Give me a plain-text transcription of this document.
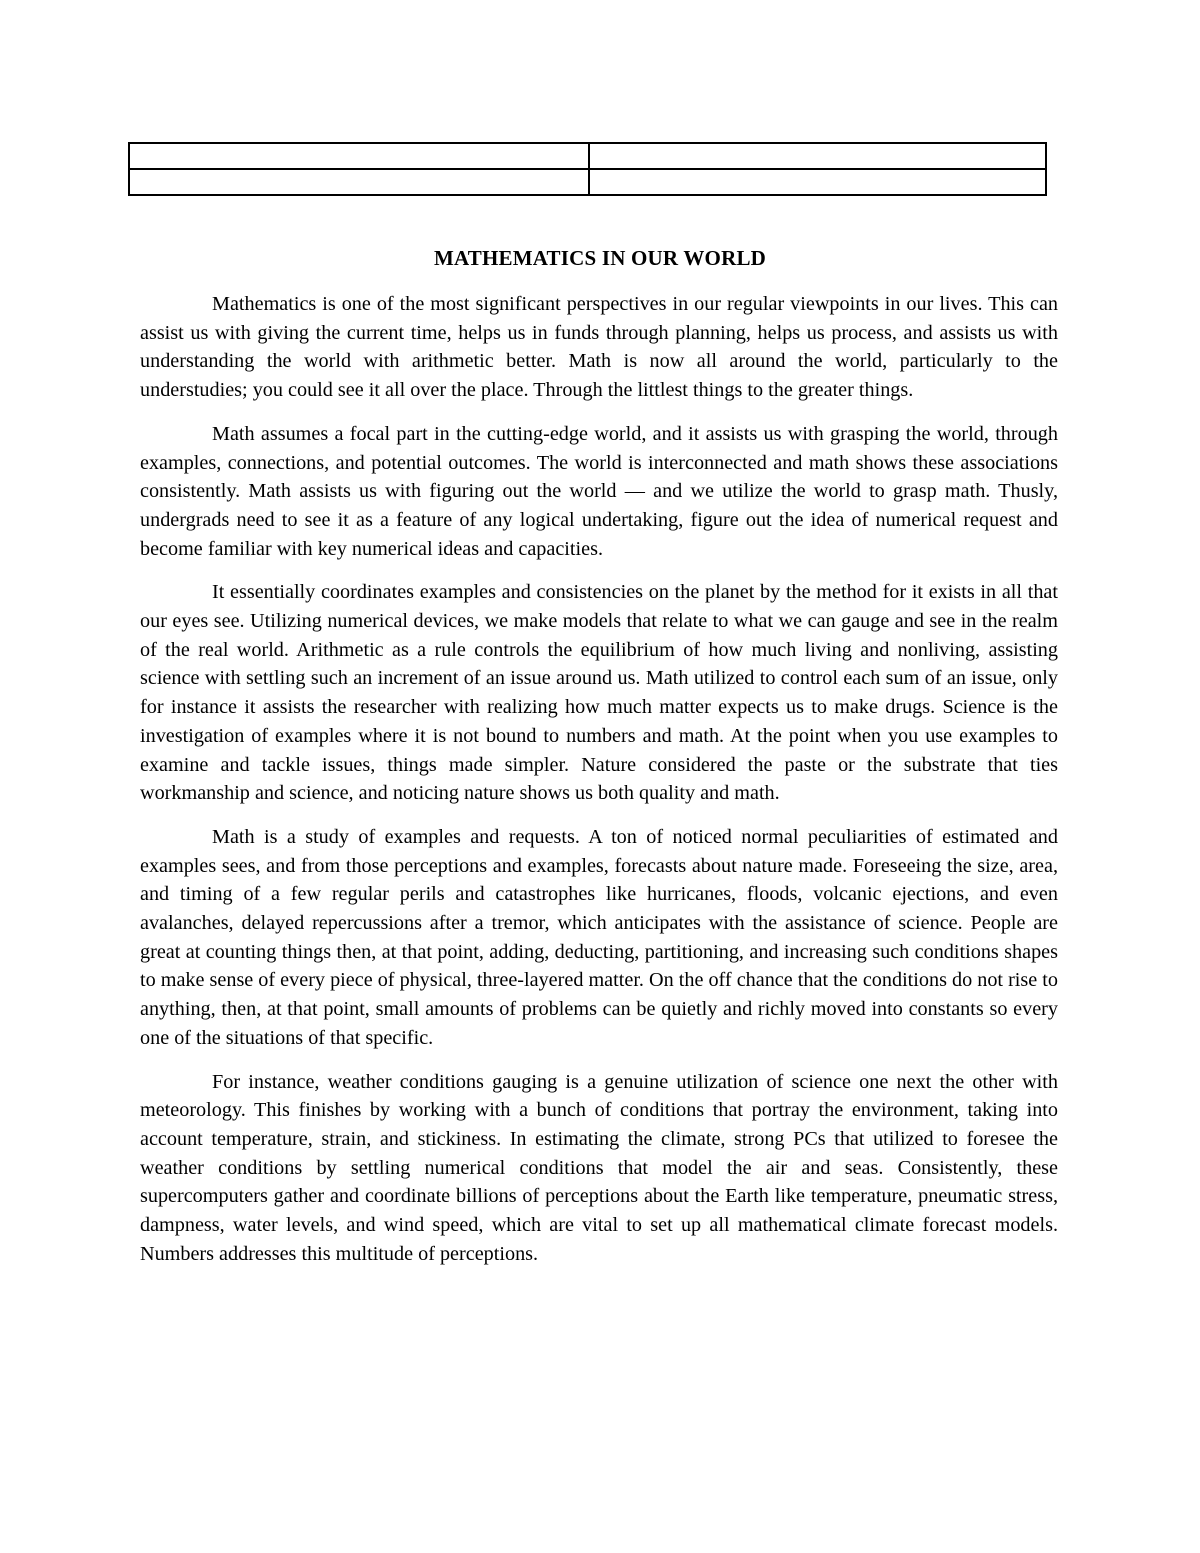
MATHEMATICS IN OUR WORLD

Mathematics is one of the most significant perspectives in our regular viewpoints in our lives. This can assist us with giving the current time, helps us in funds through planning, helps us process, and assists us with understanding the world with arithmetic better. Math is now all around the world, particularly to the understudies; you could see it all over the place. Through the littlest things to the greater things.

Math assumes a focal part in the cutting-edge world, and it assists us with grasping the world, through examples, connections, and potential outcomes. The world is interconnected and math shows these associations consistently. Math assists us with figuring out the world — and we utilize the world to grasp math. Thusly, undergrads need to see it as a feature of any logical undertaking, figure out the idea of numerical request and become familiar with key numerical ideas and capacities.

It essentially coordinates examples and consistencies on the planet by the method for it exists in all that our eyes see. Utilizing numerical devices, we make models that relate to what we can gauge and see in the realm of the real world. Arithmetic as a rule controls the equilibrium of how much living and nonliving, assisting science with settling such an increment of an issue around us. Math utilized to control each sum of an issue, only for instance it assists the researcher with realizing how much matter expects us to make drugs. Science is the investigation of examples where it is not bound to numbers and math. At the point when you use examples to examine and tackle issues, things made simpler. Nature considered the paste or the substrate that ties workmanship and science, and noticing nature shows us both quality and math.

Math is a study of examples and requests. A ton of noticed normal peculiarities of estimated and examples sees, and from those perceptions and examples, forecasts about nature made. Foreseeing the size, area, and timing of a few regular perils and catastrophes like hurricanes, floods, volcanic ejections, and even avalanches, delayed repercussions after a tremor, which anticipates with the assistance of science. People are great at counting things then, at that point, adding, deducting, partitioning, and increasing such conditions shapes to make sense of every piece of physical, three-layered matter. On the off chance that the conditions do not rise to anything, then, at that point, small amounts of problems can be quietly and richly moved into constants so every one of the situations of that specific.

For instance, weather conditions gauging is a genuine utilization of science one next the other with meteorology. This finishes by working with a bunch of conditions that portray the environment, taking into account temperature, strain, and stickiness. In estimating the climate, strong PCs that utilized to foresee the weather conditions by settling numerical conditions that model the air and seas. Consistently, these supercomputers gather and coordinate billions of perceptions about the Earth like temperature, pneumatic stress, dampness, water levels, and wind speed, which are vital to set up all mathematical climate forecast models. Numbers addresses this multitude of perceptions.
